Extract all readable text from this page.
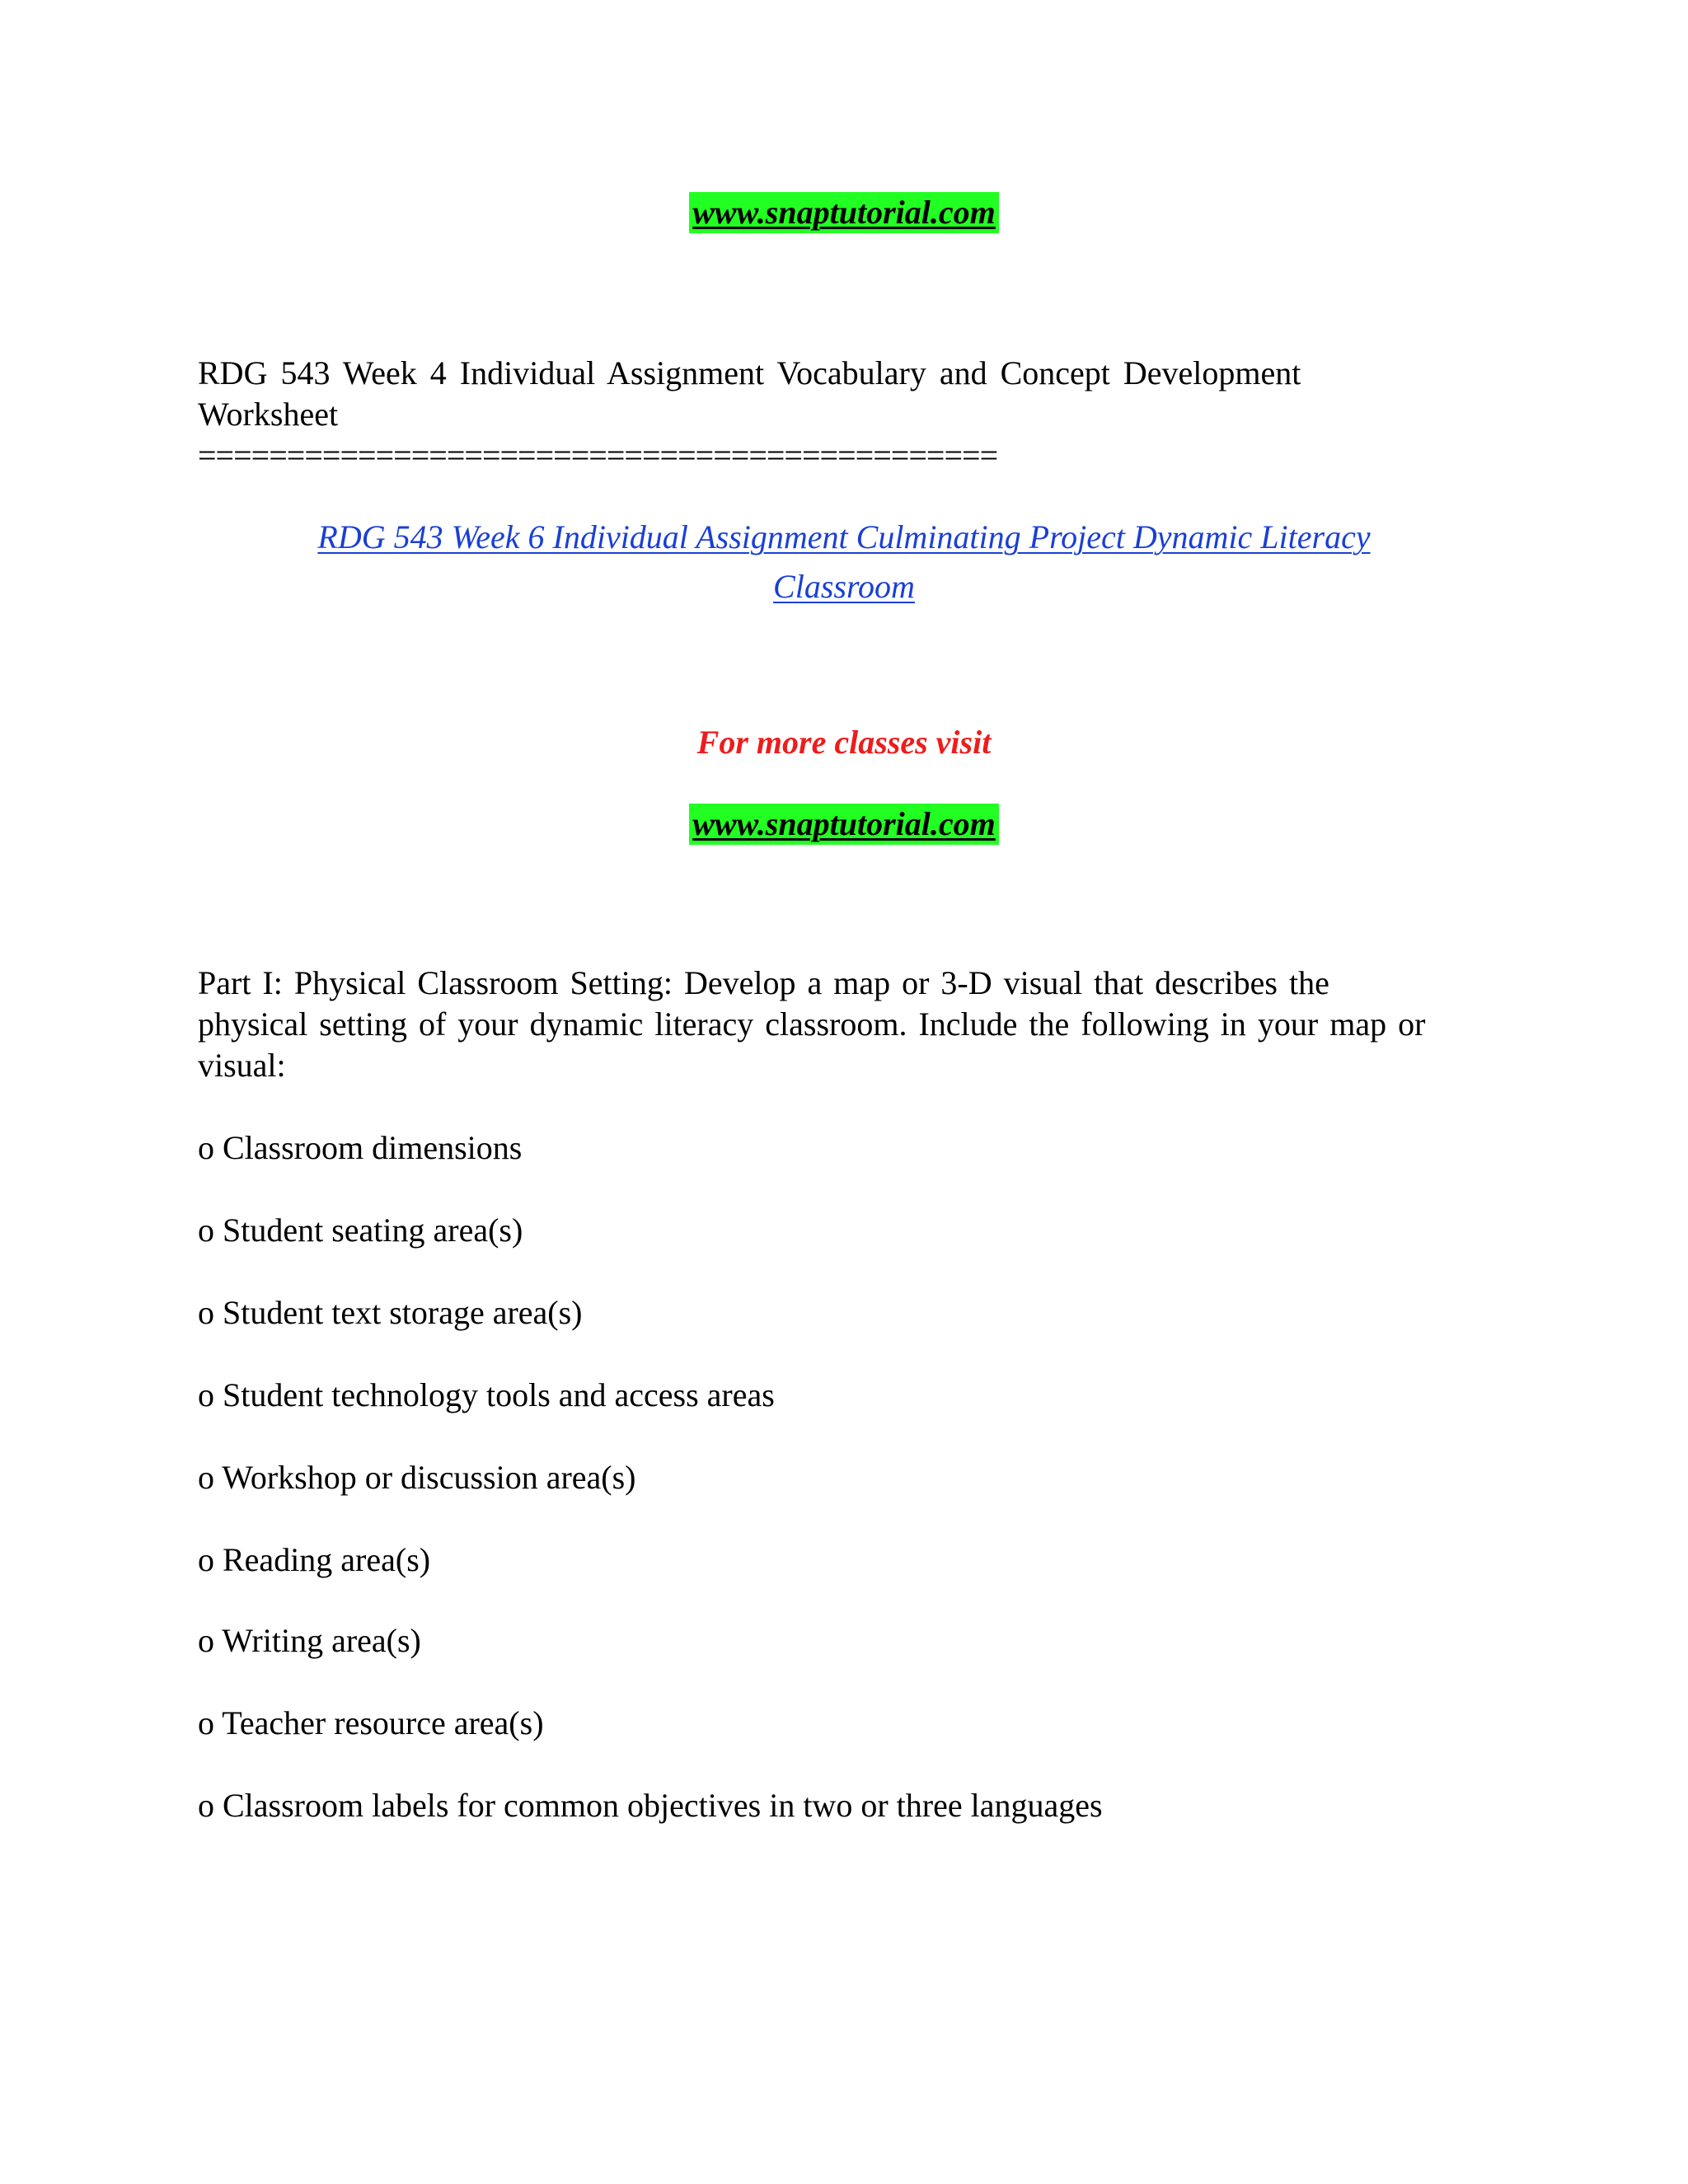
www.snaptutorial.com
RDG 543 Week 4 Individual Assignment Vocabulary and Concept Development
Worksheet
=============================================
RDG 543 Week 6 Individual Assignment Culminating Project Dynamic Literacy
Classroom
For more classes visit
www.snaptutorial.com
Part I: Physical Classroom Setting: Develop a map or 3-D visual that describes the
physical setting of your dynamic literacy classroom. Include the following in your map or
visual:
o Classroom dimensions
o Student seating area(s)
o Student text storage area(s)
o Student technology tools and access areas
o Workshop or discussion area(s)
o Reading area(s)
o Writing area(s)
o Teacher resource area(s)
o Classroom labels for common objectives in two or three languages
